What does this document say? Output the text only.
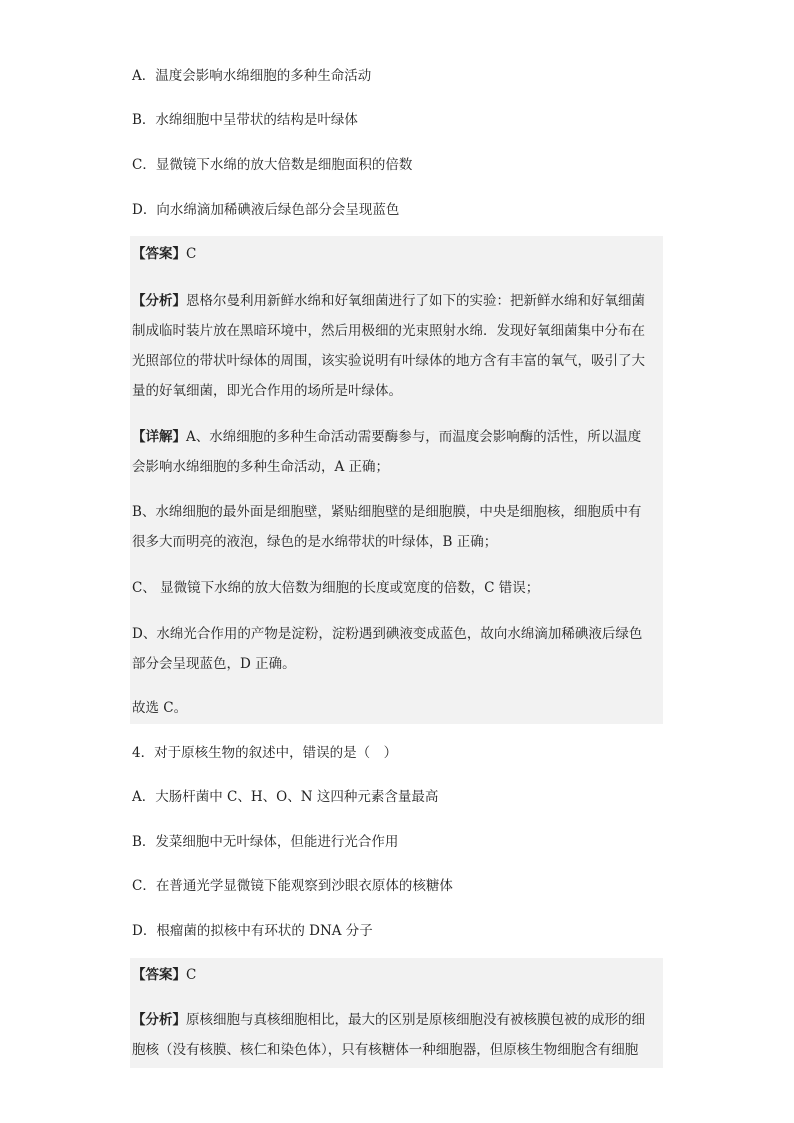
A．温度会影响水绵细胞的多种生命活动
B．水绵细胞中呈带状的结构是叶绿体
C．显微镜下水绵的放大倍数是细胞面积的倍数
D．向水绵滴加稀碘液后绿色部分会呈现蓝色
【答案】C
【分析】恩格尔曼利用新鲜水绵和好氧细菌进行了如下的实验：把新鲜水绵和好氧细菌
制成临时装片放在黑暗环境中，然后用极细的光束照射水绵．发现好氧细菌集中分布在
光照部位的带状叶绿体的周围，该实验说明有叶绿体的地方含有丰富的氧气，吸引了大
量的好氧细菌，即光合作用的场所是叶绿体。
【详解】A、水绵细胞的多种生命活动需要酶参与，而温度会影响酶的活性，所以温度
会影响水绵细胞的多种生命活动，A 正确；
B、水绵细胞的最外面是细胞壁，紧贴细胞壁的是细胞膜，中央是细胞核，细胞质中有
很多大而明亮的液泡，绿色的是水绵带状的叶绿体，B 正确；
C、 显微镜下水绵的放大倍数为细胞的长度或宽度的倍数，C 错误；
D、水绵光合作用的产物是淀粉，淀粉遇到碘液变成蓝色，故向水绵滴加稀碘液后绿色
部分会呈现蓝色，D 正确。
故选 C。
4．对于原核生物的叙述中，错误的是（　）
A．大肠杆菌中 C、H、O、N 这四种元素含量最高
B．发菜细胞中无叶绿体，但能进行光合作用
C．在普通光学显微镜下能观察到沙眼衣原体的核糖体
D．根瘤菌的拟核中有环状的 DNA 分子
【答案】C
【分析】原核细胞与真核细胞相比，最大的区别是原核细胞没有被核膜包被的成形的细
胞核（没有核膜、核仁和染色体），只有核糖体一种细胞器，但原核生物细胞含有细胞
